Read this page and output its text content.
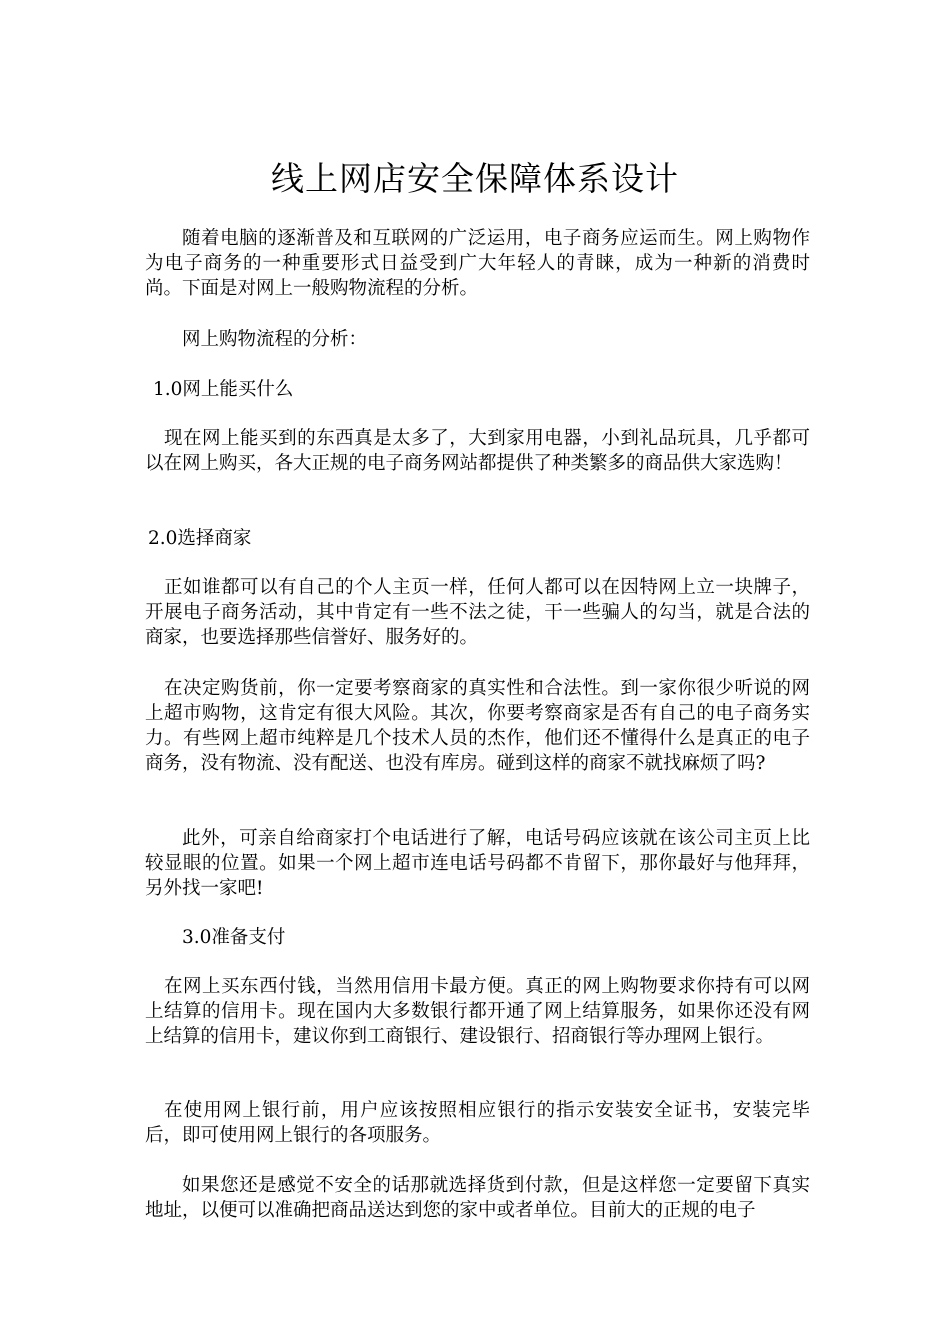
线上网店安全保障体系设计

随着电脑的逐渐普及和互联网的广泛运用，电子商务应运而生。网上购物作为电子商务的一种重要形式日益受到广大年轻人的青睐，成为一种新的消费时尚。下面是对网上一般购物流程的分析。

网上购物流程的分析：

1.0网上能买什么

现在网上能买到的东西真是太多了，大到家用电器，小到礼品玩具，几乎都可以在网上购买，各大正规的电子商务网站都提供了种类繁多的商品供大家选购！

2.0选择商家

正如谁都可以有自己的个人主页一样，任何人都可以在因特网上立一块牌子，开展电子商务活动，其中肯定有一些不法之徒，干一些骗人的勾当，就是合法的商家，也要选择那些信誉好、服务好的。

在决定购货前，你一定要考察商家的真实性和合法性。到一家你很少听说的网上超市购物，这肯定有很大风险。其次，你要考察商家是否有自己的电子商务实力。有些网上超市纯粹是几个技术人员的杰作，他们还不懂得什么是真正的电子商务，没有物流、没有配送、也没有库房。碰到这样的商家不就找麻烦了吗?

此外，可亲自给商家打个电话进行了解，电话号码应该就在该公司主页上比较显眼的位置。如果一个网上超市连电话号码都不肯留下，那你最好与他拜拜，另外找一家吧!

3.0准备支付

在网上买东西付钱，当然用信用卡最方便。真正的网上购物要求你持有可以网上结算的信用卡。现在国内大多数银行都开通了网上结算服务，如果你还没有网上结算的信用卡，建议你到工商银行、建设银行、招商银行等办理网上银行。

在使用网上银行前，用户应该按照相应银行的指示安装安全证书，安装完毕后，即可使用网上银行的各项服务。

如果您还是感觉不安全的话那就选择货到付款，但是这样您一定要留下真实地址，以便可以准确把商品送达到您的家中或者单位。目前大的正规的电子
